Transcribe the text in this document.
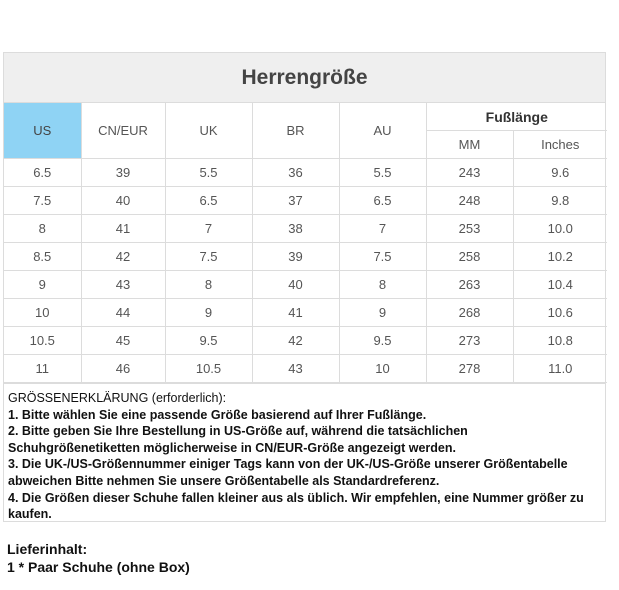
Herrengröße
US	CN/EUR	UK	BR	AU	Fußlänge	
					MM	Inches
6.5	39	5.5	36	5.5	243	9.6
7.5	40	6.5	37	6.5	248	9.8
8	41	7	38	7	253	10.0
8.5	42	7.5	39	7.5	258	10.2
9	43	8	40	8	263	10.4
10	44	9	41	9	268	10.6
10.5	45	9.5	42	9.5	273	10.8
11	46	10.5	43	10	278	11.0
GRÖSSENERKLÄRUNG (erforderlich):
1. Bitte wählen Sie eine passende Größe basierend auf Ihrer Fußlänge.
2. Bitte geben Sie Ihre Bestellung in US-Größe auf, während die tatsächlichen Schuhgrößenetiketten möglicherweise in CN/EUR-Größe angezeigt werden.
3. Die UK-/US-Größennummer einiger Tags kann von der UK-/US-Größe unserer Größentabelle abweichen Bitte nehmen Sie unsere Größentabelle als Standardreferenz.
4. Die Größen dieser Schuhe fallen kleiner aus als üblich. Wir empfehlen, eine Nummer größer zu kaufen.
Lieferinhalt:
1 * Paar Schuhe (ohne Box)
